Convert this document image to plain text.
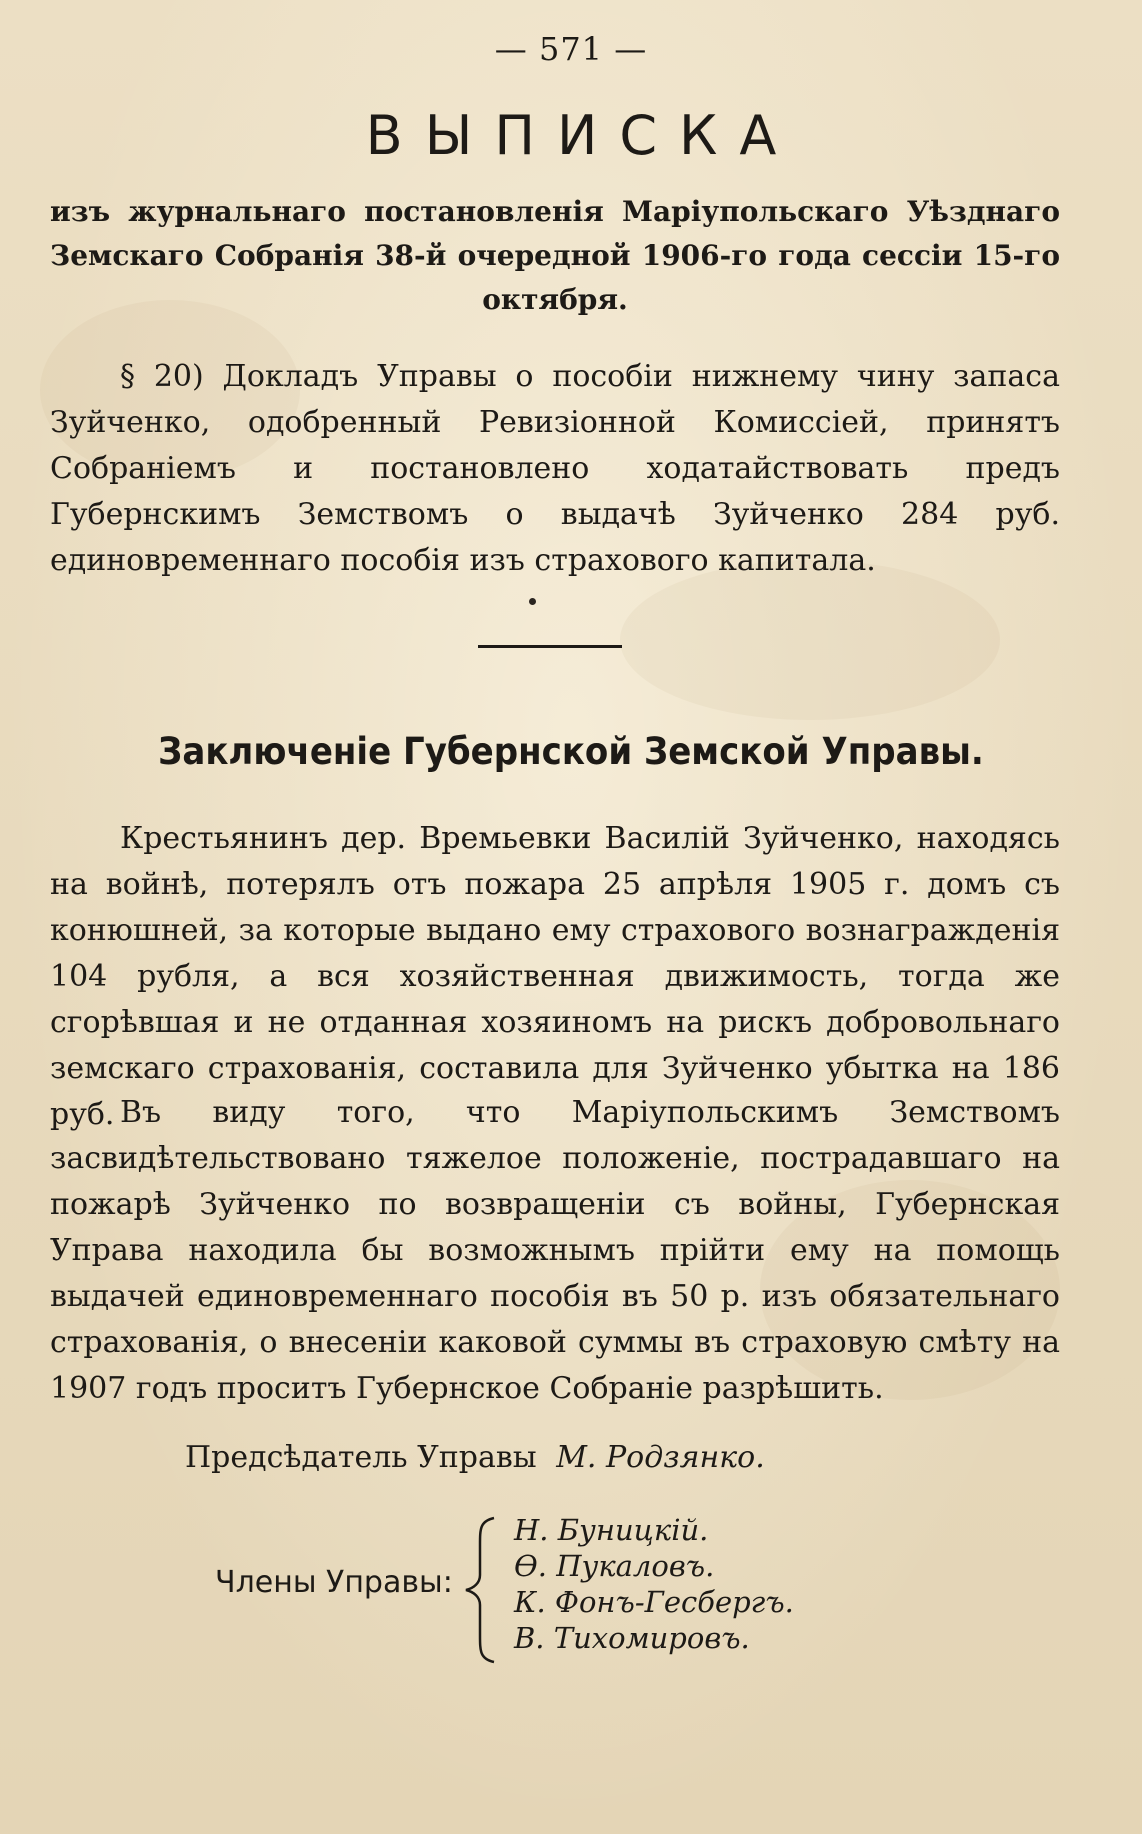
— 571 —
ВЫПИСКА
изъ журнальнаго постановленія Маріупольскаго Уѣзднаго Земскаго Собранія 38-й очередной 1906-го года сессіи 15-го октября.

§ 20) Докладъ Управы о пособіи нижнему чину запаса Зуйченко, одобренный Ревизіонной Комиссіей, принятъ Собраніемъ и постановлено ходатайствовать предъ Губернскимъ Земствомъ о выдачѣ Зуйченко 284 руб. единовременнаго пособія изъ страхового капитала.

Заключеніе Губернской Земской Управы.

Крестьянинъ дер. Времьевки Василій Зуйченко, находясь на войнѣ, потерялъ отъ пожара 25 апрѣля 1905 г. домъ съ конюшней, за которые выдано ему страхового вознагражденія 104 рубля, а вся хозяйственная движимость, тогда же сгорѣвшая и не отданная хозяиномъ на рискъ добровольнаго земскаго страхованія, составила для Зуйченко убытка на 186 руб. Въ виду того, что Маріупольскимъ Земствомъ засвидѣтельствовано тяжелое положеніе, пострадавшаго на пожарѣ Зуйченко по возвращеніи съ войны, Губернская Управа находила бы возможнымъ прійти ему на помощь выдачей единовременнаго пособія въ 50 р. изъ обязательнаго страхованія, о внесеніи каковой суммы въ страховую смѣту на 1907 годъ проситъ Губернское Собраніе разрѣшить.

Предсѣдатель Управы М. Родзянко.
Члены Управы:
Н. Буницкій.
Ѳ. Пукаловъ.
К. Фонъ-Гесбергъ.
В. Тихомировъ.
